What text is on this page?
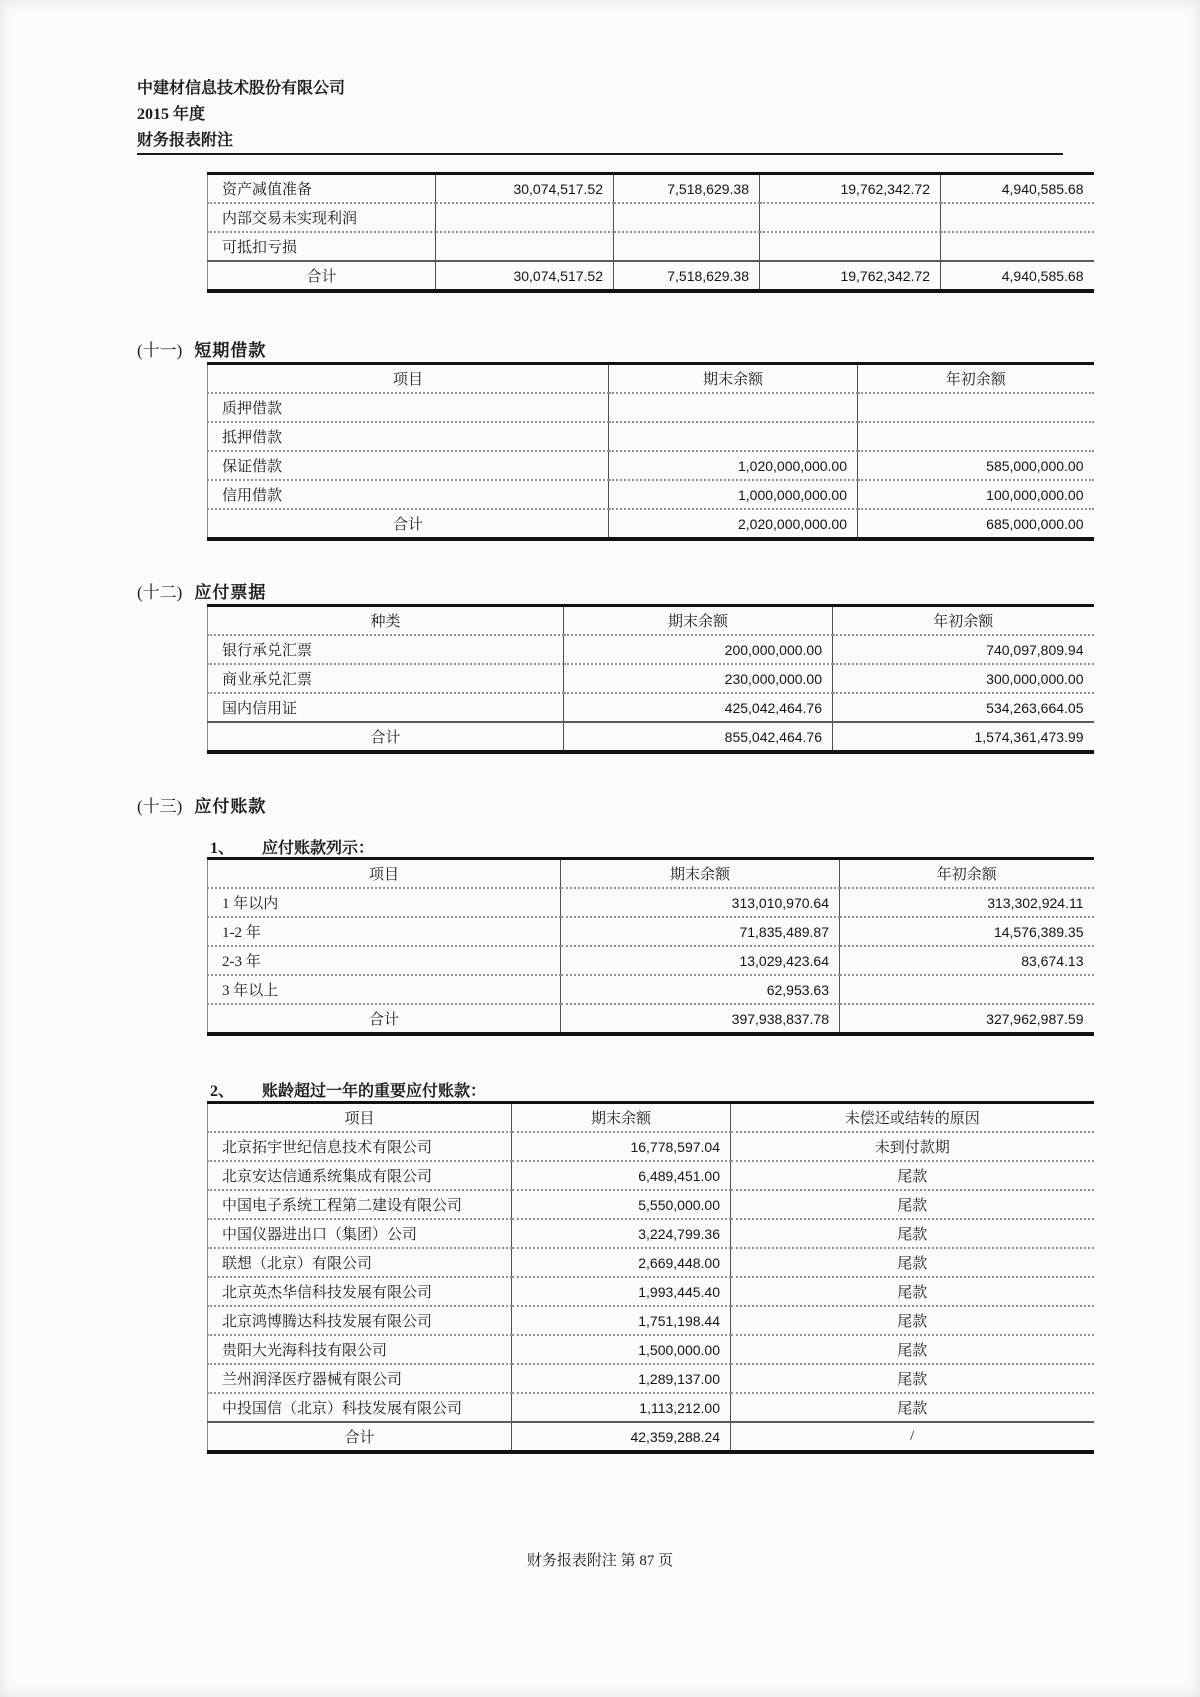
中建材信息技术股份有限公司
2015 年度
财务报表附注
资产减值准备	30,074,517.52	7,518,629.38	19,762,342.72	4,940,585.68
内部交易未实现利润				
可抵扣亏损				
合计	30,074,517.52	7,518,629.38	19,762,342.72	4,940,585.68
(十一) 短期借款
项目	期末余额	年初余额
质押借款		
抵押借款		
保证借款	1,020,000,000.00	585,000,000.00
信用借款	1,000,000,000.00	100,000,000.00
合计	2,020,000,000.00	685,000,000.00
(十二) 应付票据
种类	期末余额	年初余额
银行承兑汇票	200,000,000.00	740,097,809.94
商业承兑汇票	230,000,000.00	300,000,000.00
国内信用证	425,042,464.76	534,263,664.05
合计	855,042,464.76	1,574,361,473.99
(十三) 应付账款
1、 应付账款列示：
项目	期末余额	年初余额
1 年以内	313,010,970.64	313,302,924.11
1-2 年	71,835,489.87	14,576,389.35
2-3 年	13,029,423.64	83,674.13
3 年以上	62,953.63	
合计	397,938,837.78	327,962,987.59
2、 账龄超过一年的重要应付账款：
项目	期末余额	未偿还或结转的原因
北京拓宇世纪信息技术有限公司	16,778,597.04	未到付款期
北京安达信通系统集成有限公司	6,489,451.00	尾款
中国电子系统工程第二建设有限公司	5,550,000.00	尾款
中国仪器进出口（集团）公司	3,224,799.36	尾款
联想（北京）有限公司	2,669,448.00	尾款
北京英杰华信科技发展有限公司	1,993,445.40	尾款
北京鸿博腾达科技发展有限公司	1,751,198.44	尾款
贵阳大光海科技有限公司	1,500,000.00	尾款
兰州润泽医疗器械有限公司	1,289,137.00	尾款
中投国信（北京）科技发展有限公司	1,113,212.00	尾款
合计	42,359,288.24	/
财务报表附注 第 87 页
